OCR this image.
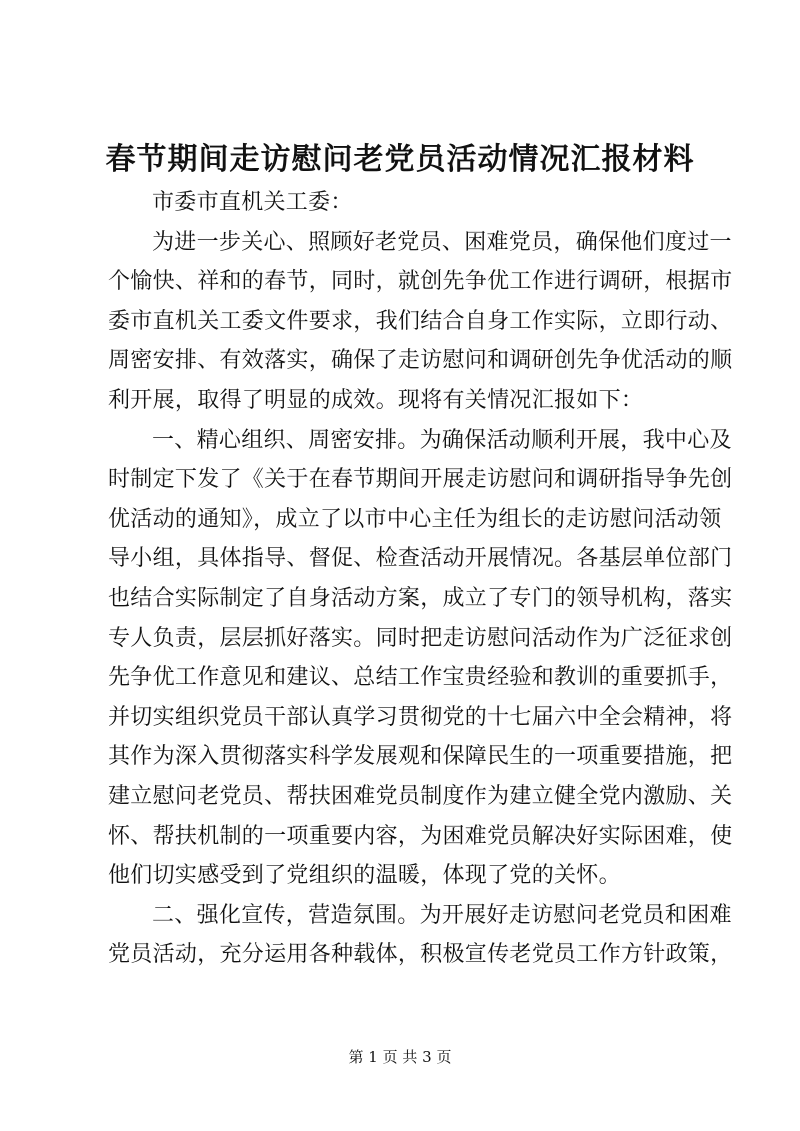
春节期间走访慰问老党员活动情况汇报材料
市委市直机关工委：
为进一步关心、照顾好老党员、困难党员，确保他们度过一
个愉快、祥和的春节，同时，就创先争优工作进行调研，根据市
委市直机关工委文件要求，我们结合自身工作实际，立即行动、
周密安排、有效落实，确保了走访慰问和调研创先争优活动的顺
利开展，取得了明显的成效。现将有关情况汇报如下：
一、精心组织、周密安排。为确保活动顺利开展，我中心及
时制定下发了《关于在春节期间开展走访慰问和调研指导争先创
优活动的通知》，成立了以市中心主任为组长的走访慰问活动领
导小组，具体指导、督促、检查活动开展情况。各基层单位部门
也结合实际制定了自身活动方案，成立了专门的领导机构，落实
专人负责，层层抓好落实。同时把走访慰问活动作为广泛征求创
先争优工作意见和建议、总结工作宝贵经验和教训的重要抓手，
并切实组织党员干部认真学习贯彻党的十七届六中全会精神，将
其作为深入贯彻落实科学发展观和保障民生的一项重要措施，把
建立慰问老党员、帮扶困难党员制度作为建立健全党内激励、关
怀、帮扶机制的一项重要内容，为困难党员解决好实际困难，使
他们切实感受到了党组织的温暖，体现了党的关怀。
二、强化宣传，营造氛围。为开展好走访慰问老党员和困难
党员活动，充分运用各种载体，积极宣传老党员工作方针政策，
第 1 页 共 3 页
